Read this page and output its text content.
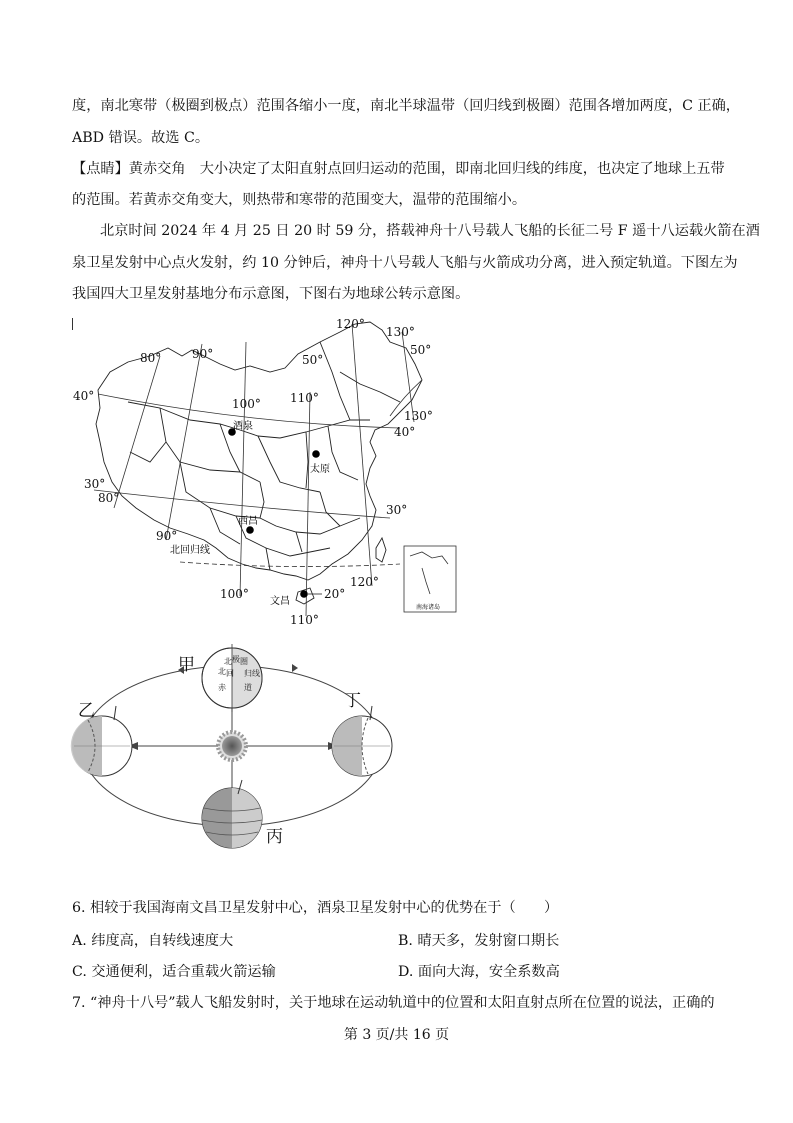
度，南北寒带（极圈到极点）范围各缩小一度，南北半球温带（回归线到极圈）范围各增加两度，C 正确，
ABD 错误。故选 C。
【点睛】黄赤交角　大小决定了太阳直射点回归运动的范围，即南北回归线的纬度，也决定了地球上五带
的范围。若黄赤交角变大，则热带和寒带的范围变大，温带的范围缩小。
北京时间 2024 年 4 月 25 日 20 时 59 分，搭载神舟十八号载人飞船的长征二号 F 遥十八运载火箭在酒
泉卫星发射中心点火发射，约 10 分钟后，神舟十八号载人飞船与火箭成功分离，进入预定轨道。下图左为
我国四大卫星发射基地分布示意图，下图右为地球公转示意图。
南海诸岛
80°	90°
100° 110°
120°
130°
80°
90°
100°
110°
120°
130°
40°
30°
50°
50°
40°
30°
20°
酒泉
太原
西昌
文昌
北回归线
北 极 圈
北 回 归 线
赤 道
甲
乙
丙
丁
6. 相较于我国海南文昌卫星发射中心，酒泉卫星发射中心的优势在于（　　）
A. 纬度高，自转线速度大	B. 晴天多，发射窗口期长
C. 交通便利，适合重载火箭运输	D. 面向大海，安全系数高
7. “神舟十八号”载人飞船发射时，关于地球在运动轨道中的位置和太阳直射点所在位置的说法，正确的
第 3 页/共 16 页
